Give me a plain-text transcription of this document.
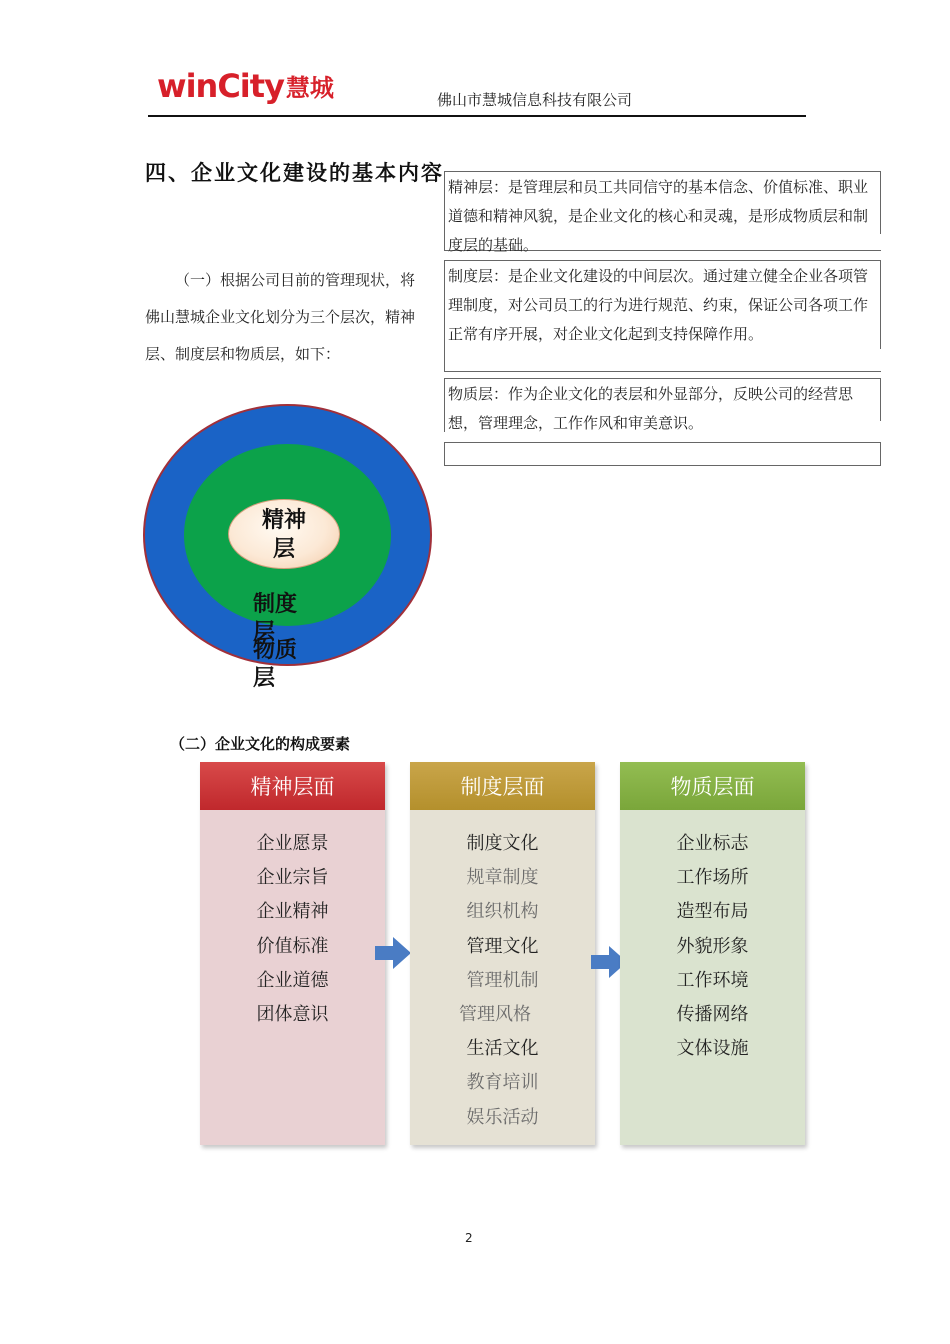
winCity 慧城	佛山市慧城信息科技有限公司
四、企业文化建设的基本内容
（一）根据公司目前的管理现状，将佛山慧城企业文化划分为三个层次，精神层、制度层和物质层，如下：
精神层：是管理层和员工共同信守的基本信念、价值标准、职业道德和精神风貌，是企业文化的核心和灵魂，是形成物质层和制度层的基础。
制度层：是企业文化建设的中间层次。通过建立健全企业各项管理制度，对公司员工的行为进行规范、约束，保证公司各项工作正常有序开展，对企业文化起到支持保障作用。
物质层：作为企业文化的表层和外显部分，反映公司的经营思想，管理理念，工作作风和审美意识。
精神层
制度层
物质层
（二）企业文化的构成要素
精神层面
企业愿景
企业宗旨
企业精神
价值标准
企业道德
团体意识
制度层面
制度文化
规章制度
组织机构
管理文化
管理机制
管理风格
生活文化
教育培训
娱乐活动
物质层面
企业标志
工作场所
造型布局
外貌形象
工作环境
传播网络
文体设施
2
